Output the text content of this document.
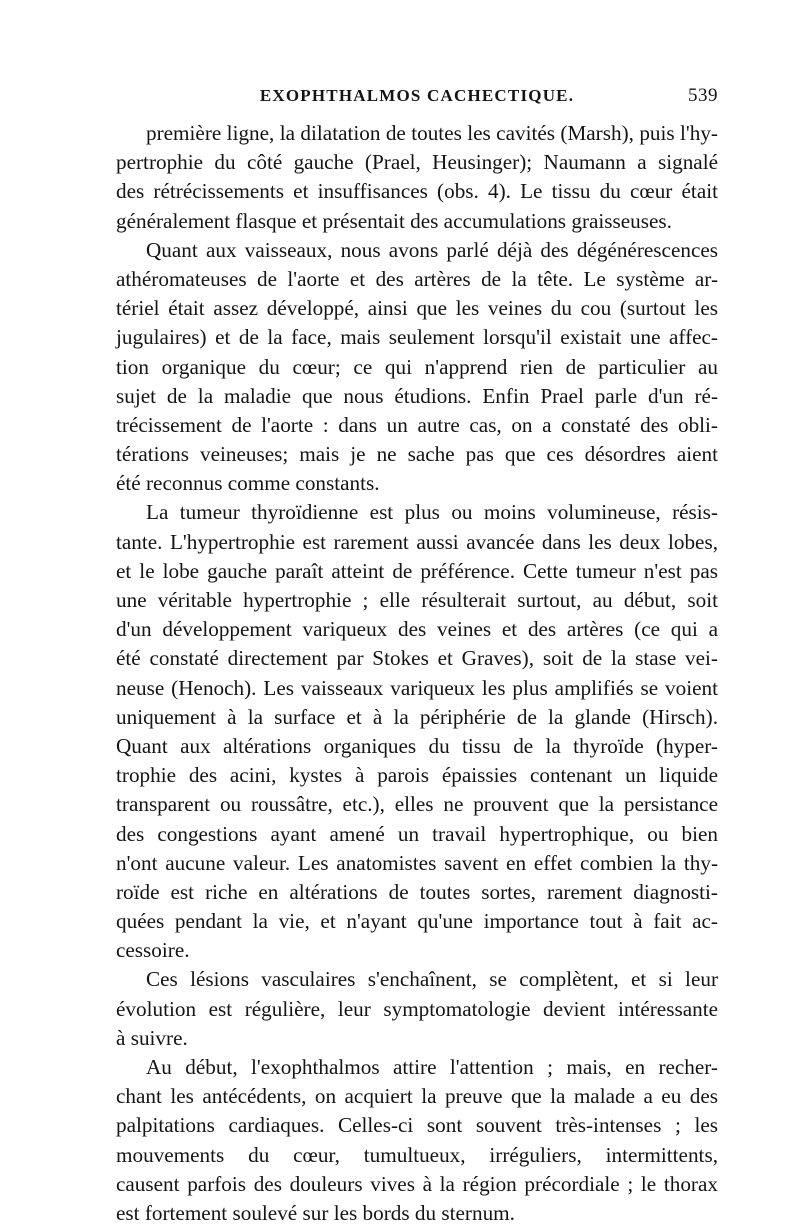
EXOPHTHALMOS CACHECTIQUE.	539
première ligne, la dilatation de toutes les cavités (Marsh), puis l'hy-
pertrophie du côté gauche (Prael, Heusinger); Naumann a signalé
des rétrécissements et insuffisances (obs. 4). Le tissu du cœur était
généralement flasque et présentait des accumulations graisseuses.
Quant aux vaisseaux, nous avons parlé déjà des dégénérescences
athéromateuses de l'aorte et des artères de la tête. Le système ar-
tériel était assez développé, ainsi que les veines du cou (surtout les
jugulaires) et de la face, mais seulement lorsqu'il existait une affec-
tion organique du cœur; ce qui n'apprend rien de particulier au
sujet de la maladie que nous étudions. Enfin Prael parle d'un ré-
trécissement de l'aorte : dans un autre cas, on a constaté des obli-
térations veineuses; mais je ne sache pas que ces désordres aient
été reconnus comme constants.
La tumeur thyroïdienne est plus ou moins volumineuse, résis-
tante. L'hypertrophie est rarement aussi avancée dans les deux lobes,
et le lobe gauche paraît atteint de préférence. Cette tumeur n'est pas
une véritable hypertrophie ; elle résulterait surtout, au début, soit
d'un développement variqueux des veines et des artères (ce qui a
été constaté directement par Stokes et Graves), soit de la stase vei-
neuse (Henoch). Les vaisseaux variqueux les plus amplifiés se voient
uniquement à la surface et à la périphérie de la glande (Hirsch).
Quant aux altérations organiques du tissu de la thyroïde (hyper-
trophie des acini, kystes à parois épaissies contenant un liquide
transparent ou roussâtre, etc.), elles ne prouvent que la persistance
des congestions ayant amené un travail hypertrophique, ou bien
n'ont aucune valeur. Les anatomistes savent en effet combien la thy-
roïde est riche en altérations de toutes sortes, rarement diagnosti-
quées pendant la vie, et n'ayant qu'une importance tout à fait ac-
cessoire.
Ces lésions vasculaires s'enchaînent, se complètent, et si leur
évolution est régulière, leur symptomatologie devient intéressante
à suivre.
Au début, l'exophthalmos attire l'attention ; mais, en recher-
chant les antécédents, on acquiert la preuve que la malade a eu des
palpitations cardiaques. Celles-ci sont souvent très-intenses ; les
mouvements du cœur, tumultueux, irréguliers, intermittents,
causent parfois des douleurs vives à la région précordiale ; le thorax
est fortement soulevé sur les bords du sternum.
